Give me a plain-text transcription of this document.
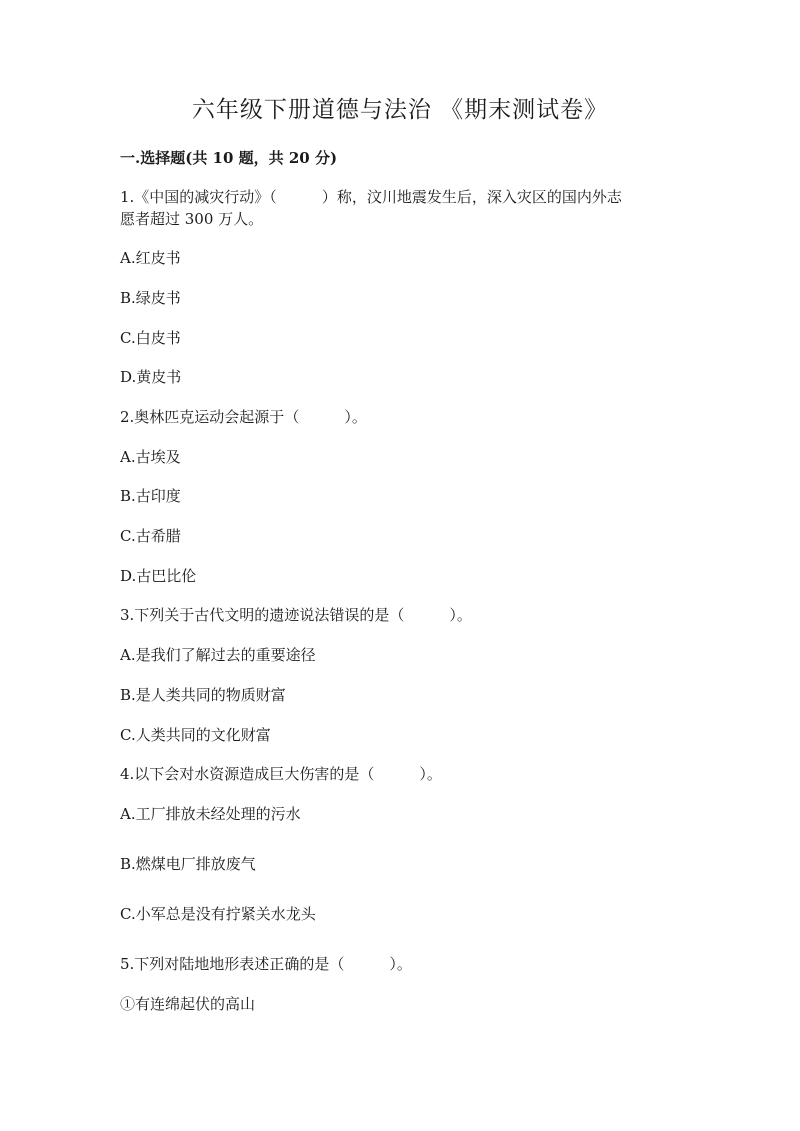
六年级下册道德与法治 《期末测试卷》
一.选择题(共 10 题，共 20 分)
1.《中国的减灾行动》（　　　）称，汶川地震发生后，深入灾区的国内外志
愿者超过 300 万人。
A.红皮书
B.绿皮书
C.白皮书
D.黄皮书
2.奥林匹克运动会起源于（　　　）。
A.古埃及
B.古印度
C.古希腊
D.古巴比伦
3.下列关于古代文明的遗迹说法错误的是（　　　）。
A.是我们了解过去的重要途径
B.是人类共同的物质财富
C.人类共同的文化财富
4.以下会对水资源造成巨大伤害的是（　　　）。
A.工厂排放未经处理的污水
B.燃煤电厂排放废气
C.小军总是没有拧紧关水龙头
5.下列对陆地地形表述正确的是（　　　）。
①有连绵起伏的高山
